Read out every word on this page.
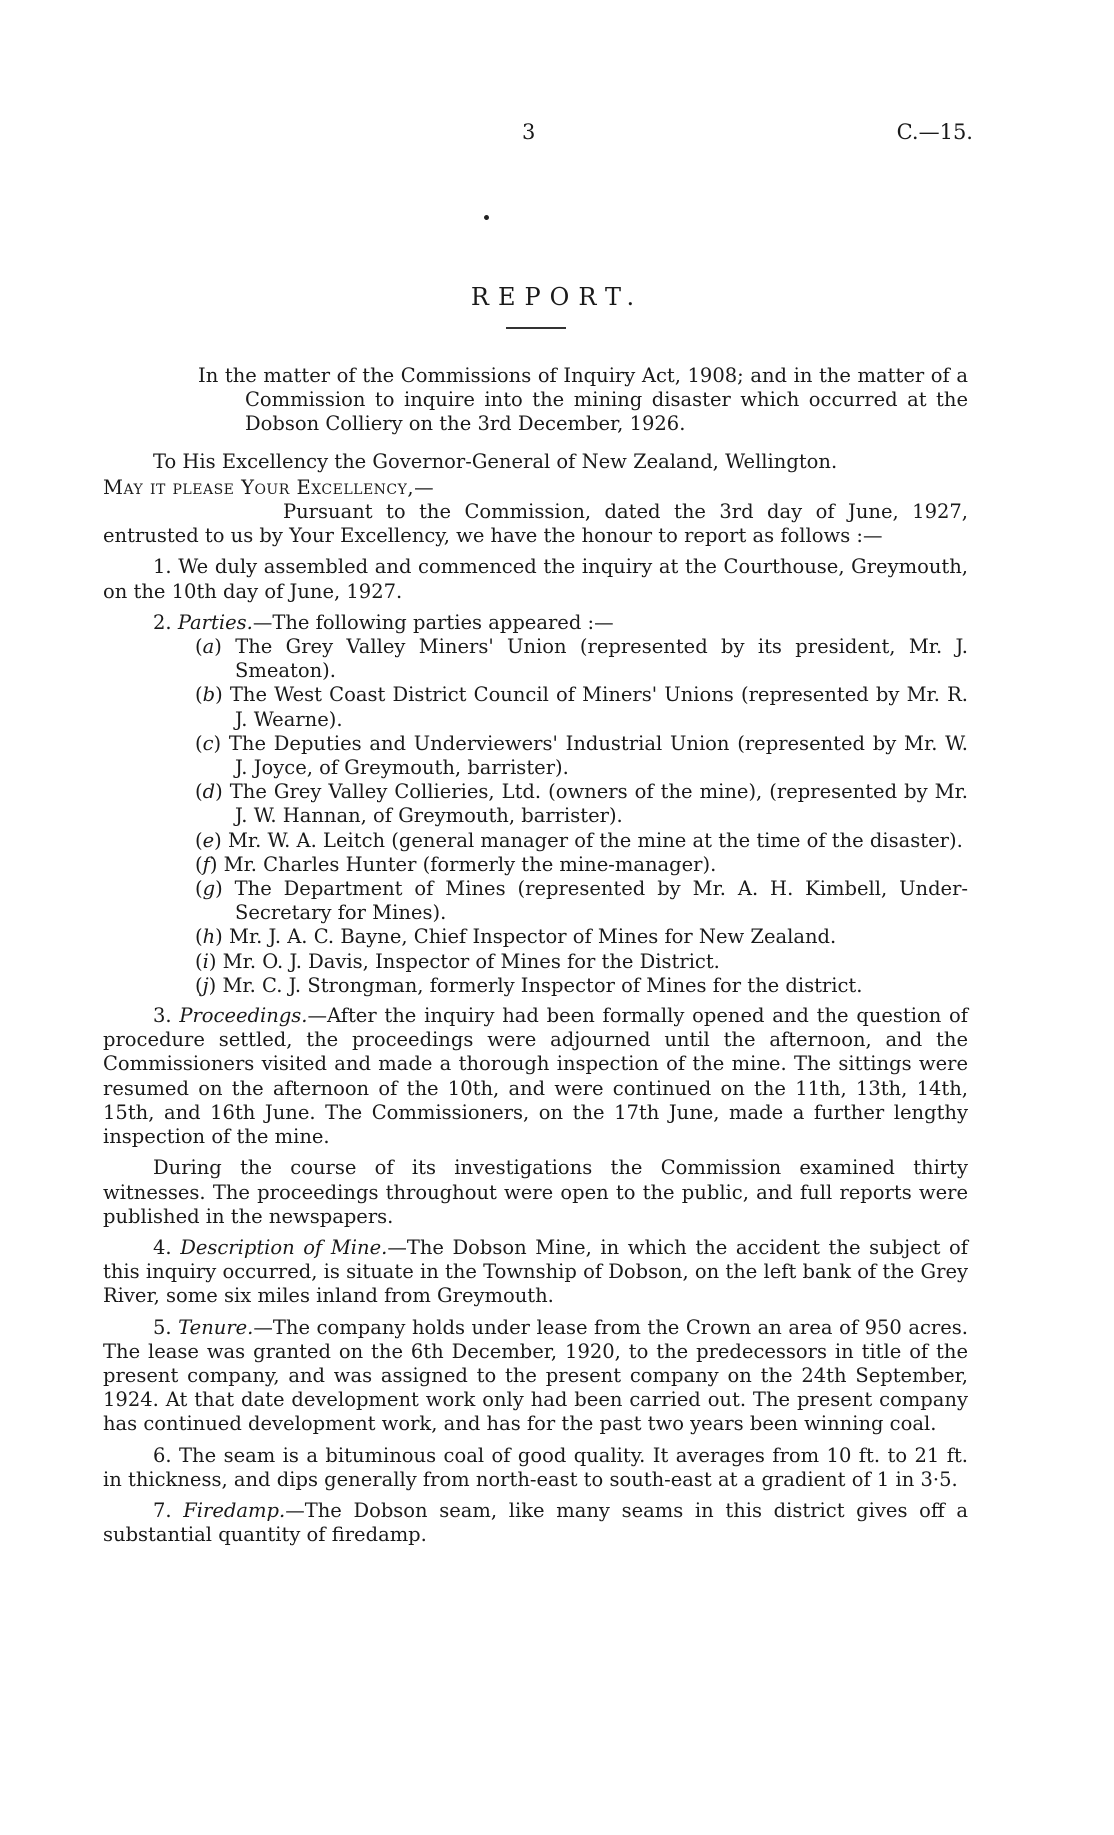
3	C.—15.
REPORT.

In the matter of the Commissions of Inquiry Act, 1908; and in the matter of a Commission to inquire into the mining disaster which occurred at the Dobson Colliery on the 3rd December, 1926.

To His Excellency the Governor-General of New Zealand, Wellington.

May it please Your Excellency,—

Pursuant to the Commission, dated the 3rd day of June, 1927, entrusted to us by Your Excellency, we have the honour to report as follows :—

1. We duly assembled and commenced the inquiry at the Courthouse, Greymouth, on the 10th day of June, 1927.

2. Parties.—The following parties appeared :—

(a) The Grey Valley Miners' Union (represented by its president, Mr. J. Smeaton).

(b) The West Coast District Council of Miners' Unions (represented by Mr. R. J. Wearne).

(c) The Deputies and Underviewers' Industrial Union (represented by Mr. W. J. Joyce, of Greymouth, barrister).

(d) The Grey Valley Collieries, Ltd. (owners of the mine), (represented by Mr. J. W. Hannan, of Greymouth, barrister).

(e) Mr. W. A. Leitch (general manager of the mine at the time of the disaster).

(f) Mr. Charles Hunter (formerly the mine-manager).

(g) The Department of Mines (represented by Mr. A. H. Kimbell, Under-Secretary for Mines).

(h) Mr. J. A. C. Bayne, Chief Inspector of Mines for New Zealand.

(i) Mr. O. J. Davis, Inspector of Mines for the District.

(j) Mr. C. J. Strongman, formerly Inspector of Mines for the district.

3. Proceedings.—After the inquiry had been formally opened and the question of procedure settled, the proceedings were adjourned until the afternoon, and the Commissioners visited and made a thorough inspection of the mine. The sittings were resumed on the afternoon of the 10th, and were continued on the 11th, 13th, 14th, 15th, and 16th June. The Commissioners, on the 17th June, made a further lengthy inspection of the mine.

During the course of its investigations the Commission examined thirty witnesses. The proceedings throughout were open to the public, and full reports were published in the newspapers.

4. Description of Mine.—The Dobson Mine, in which the accident the subject of this inquiry occurred, is situate in the Township of Dobson, on the left bank of the Grey River, some six miles inland from Greymouth.

5. Tenure.—The company holds under lease from the Crown an area of 950 acres. The lease was granted on the 6th December, 1920, to the predecessors in title of the present company, and was assigned to the present company on the 24th September, 1924. At that date development work only had been carried out. The present company has continued development work, and has for the past two years been winning coal.

6. The seam is a bituminous coal of good quality. It averages from 10 ft. to 21 ft. in thickness, and dips generally from north-east to south-east at a gradient of 1 in 3·5.

7. Firedamp.—The Dobson seam, like many seams in this district gives off a substantial quantity of firedamp.
